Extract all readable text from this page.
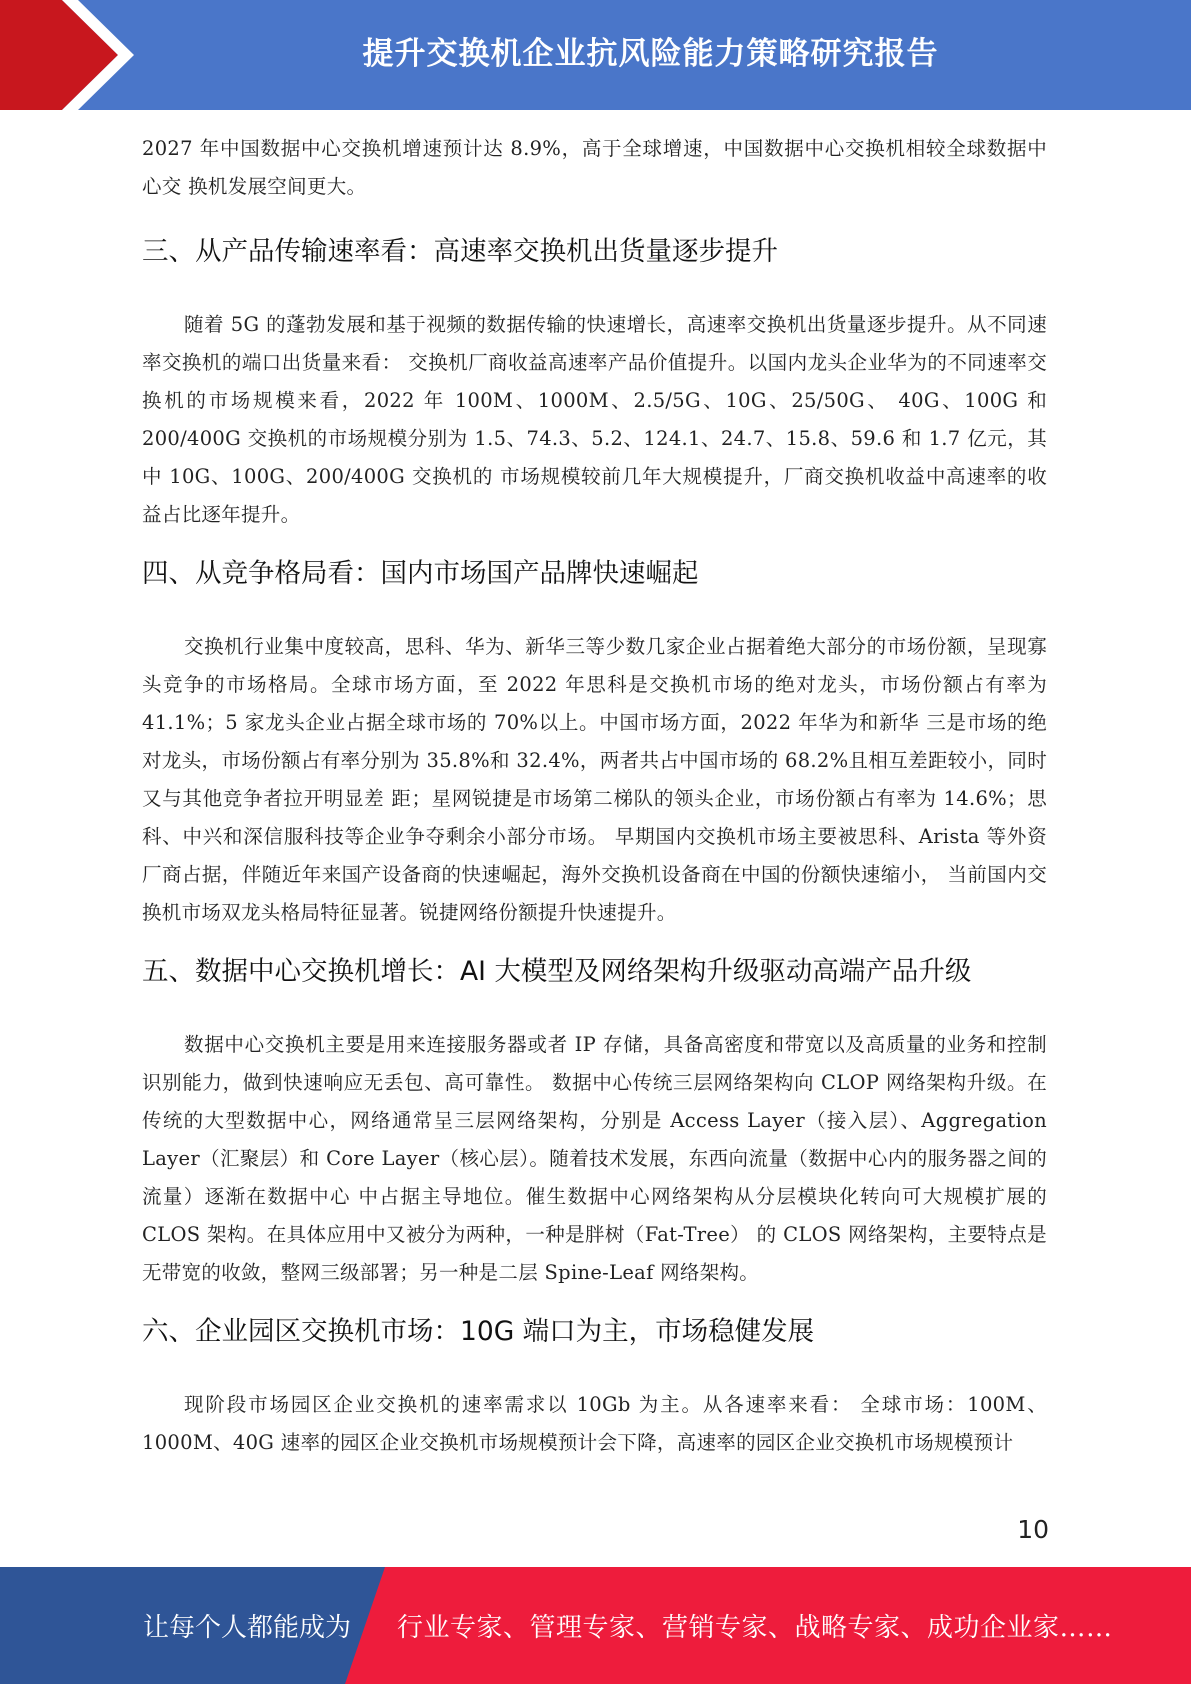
提升交换机企业抗风险能力策略研究报告

2027 年中国数据中心交换机增速预计达 8.9%，高于全球增速，中国数据中心交换机相较全球数据中心交 换机发展空间更大。

三、从产品传输速率看：高速率交换机出货量逐步提升

随着 5G 的蓬勃发展和基于视频的数据传输的快速增长，高速率交换机出货量逐步提升。从不同速率交换机的端口出货量来看： 交换机厂商收益高速率产品价值提升。以国内龙头企业华为的不同速率交换机的市场规模来看，2022 年 100M、1000M、2.5/5G、10G、25/50G、 40G、100G 和200/400G 交换机的市场规模分别为 1.5、74.3、5.2、124.1、24.7、15.8、59.6 和 1.7 亿元，其中 10G、100G、200/400G 交换机的 市场规模较前几年大规模提升，厂商交换机收益中高速率的收益占比逐年提升。

四、从竞争格局看：国内市场国产品牌快速崛起

交换机行业集中度较高，思科、华为、新华三等少数几家企业占据着绝大部分的市场份额，呈现寡头竞争的市场格局。全球市场方面，至 2022 年思科是交换机市场的绝对龙头，市场份额占有率为 41.1%；5 家龙头企业占据全球市场的 70%以上。中国市场方面，2022 年华为和新华 三是市场的绝对龙头，市场份额占有率分别为 35.8%和 32.4%，两者共占中国市场的 68.2%且相互差距较小，同时又与其他竞争者拉开明显差 距；星网锐捷是市场第二梯队的领头企业，市场份额占有率为 14.6%；思科、中兴和深信服科技等企业争夺剩余小部分市场。 早期国内交换机市场主要被思科、Arista 等外资厂商占据，伴随近年来国产设备商的快速崛起，海外交换机设备商在中国的份额快速缩小， 当前国内交换机市场双龙头格局特征显著。锐捷网络份额提升快速提升。

五、数据中心交换机增长：AI 大模型及网络架构升级驱动高端产品升级

数据中心交换机主要是用来连接服务器或者 IP 存储，具备高密度和带宽以及高质量的业务和控制识别能力，做到快速响应无丢包、高可靠性。 数据中心传统三层网络架构向 CLOP 网络架构升级。在传统的大型数据中心，网络通常呈三层网络架构，分别是 Access Layer（接入层）、Aggregation Layer（汇聚层）和 Core Layer（核心层）。随着技术发展，东西向流量（数据中心内的服务器之间的流量）逐渐在数据中心 中占据主导地位。催生数据中心网络架构从分层模块化转向可大规模扩展的 CLOS 架构。在具体应用中又被分为两种，一种是胖树（Fat-Tree） 的 CLOS 网络架构，主要特点是无带宽的收敛，整网三级部署；另一种是二层 Spine-Leaf 网络架构。

六、企业园区交换机市场：10G 端口为主，市场稳健发展

现阶段市场园区企业交换机的速率需求以 10Gb 为主。从各速率来看： 全球市场：100M、1000M、40G 速率的园区企业交换机市场规模预计会下降，高速率的园区企业交换机市场规模预计

10
让每个人都能成为 行业专家、管理专家、营销专家、战略专家、成功企业家……
